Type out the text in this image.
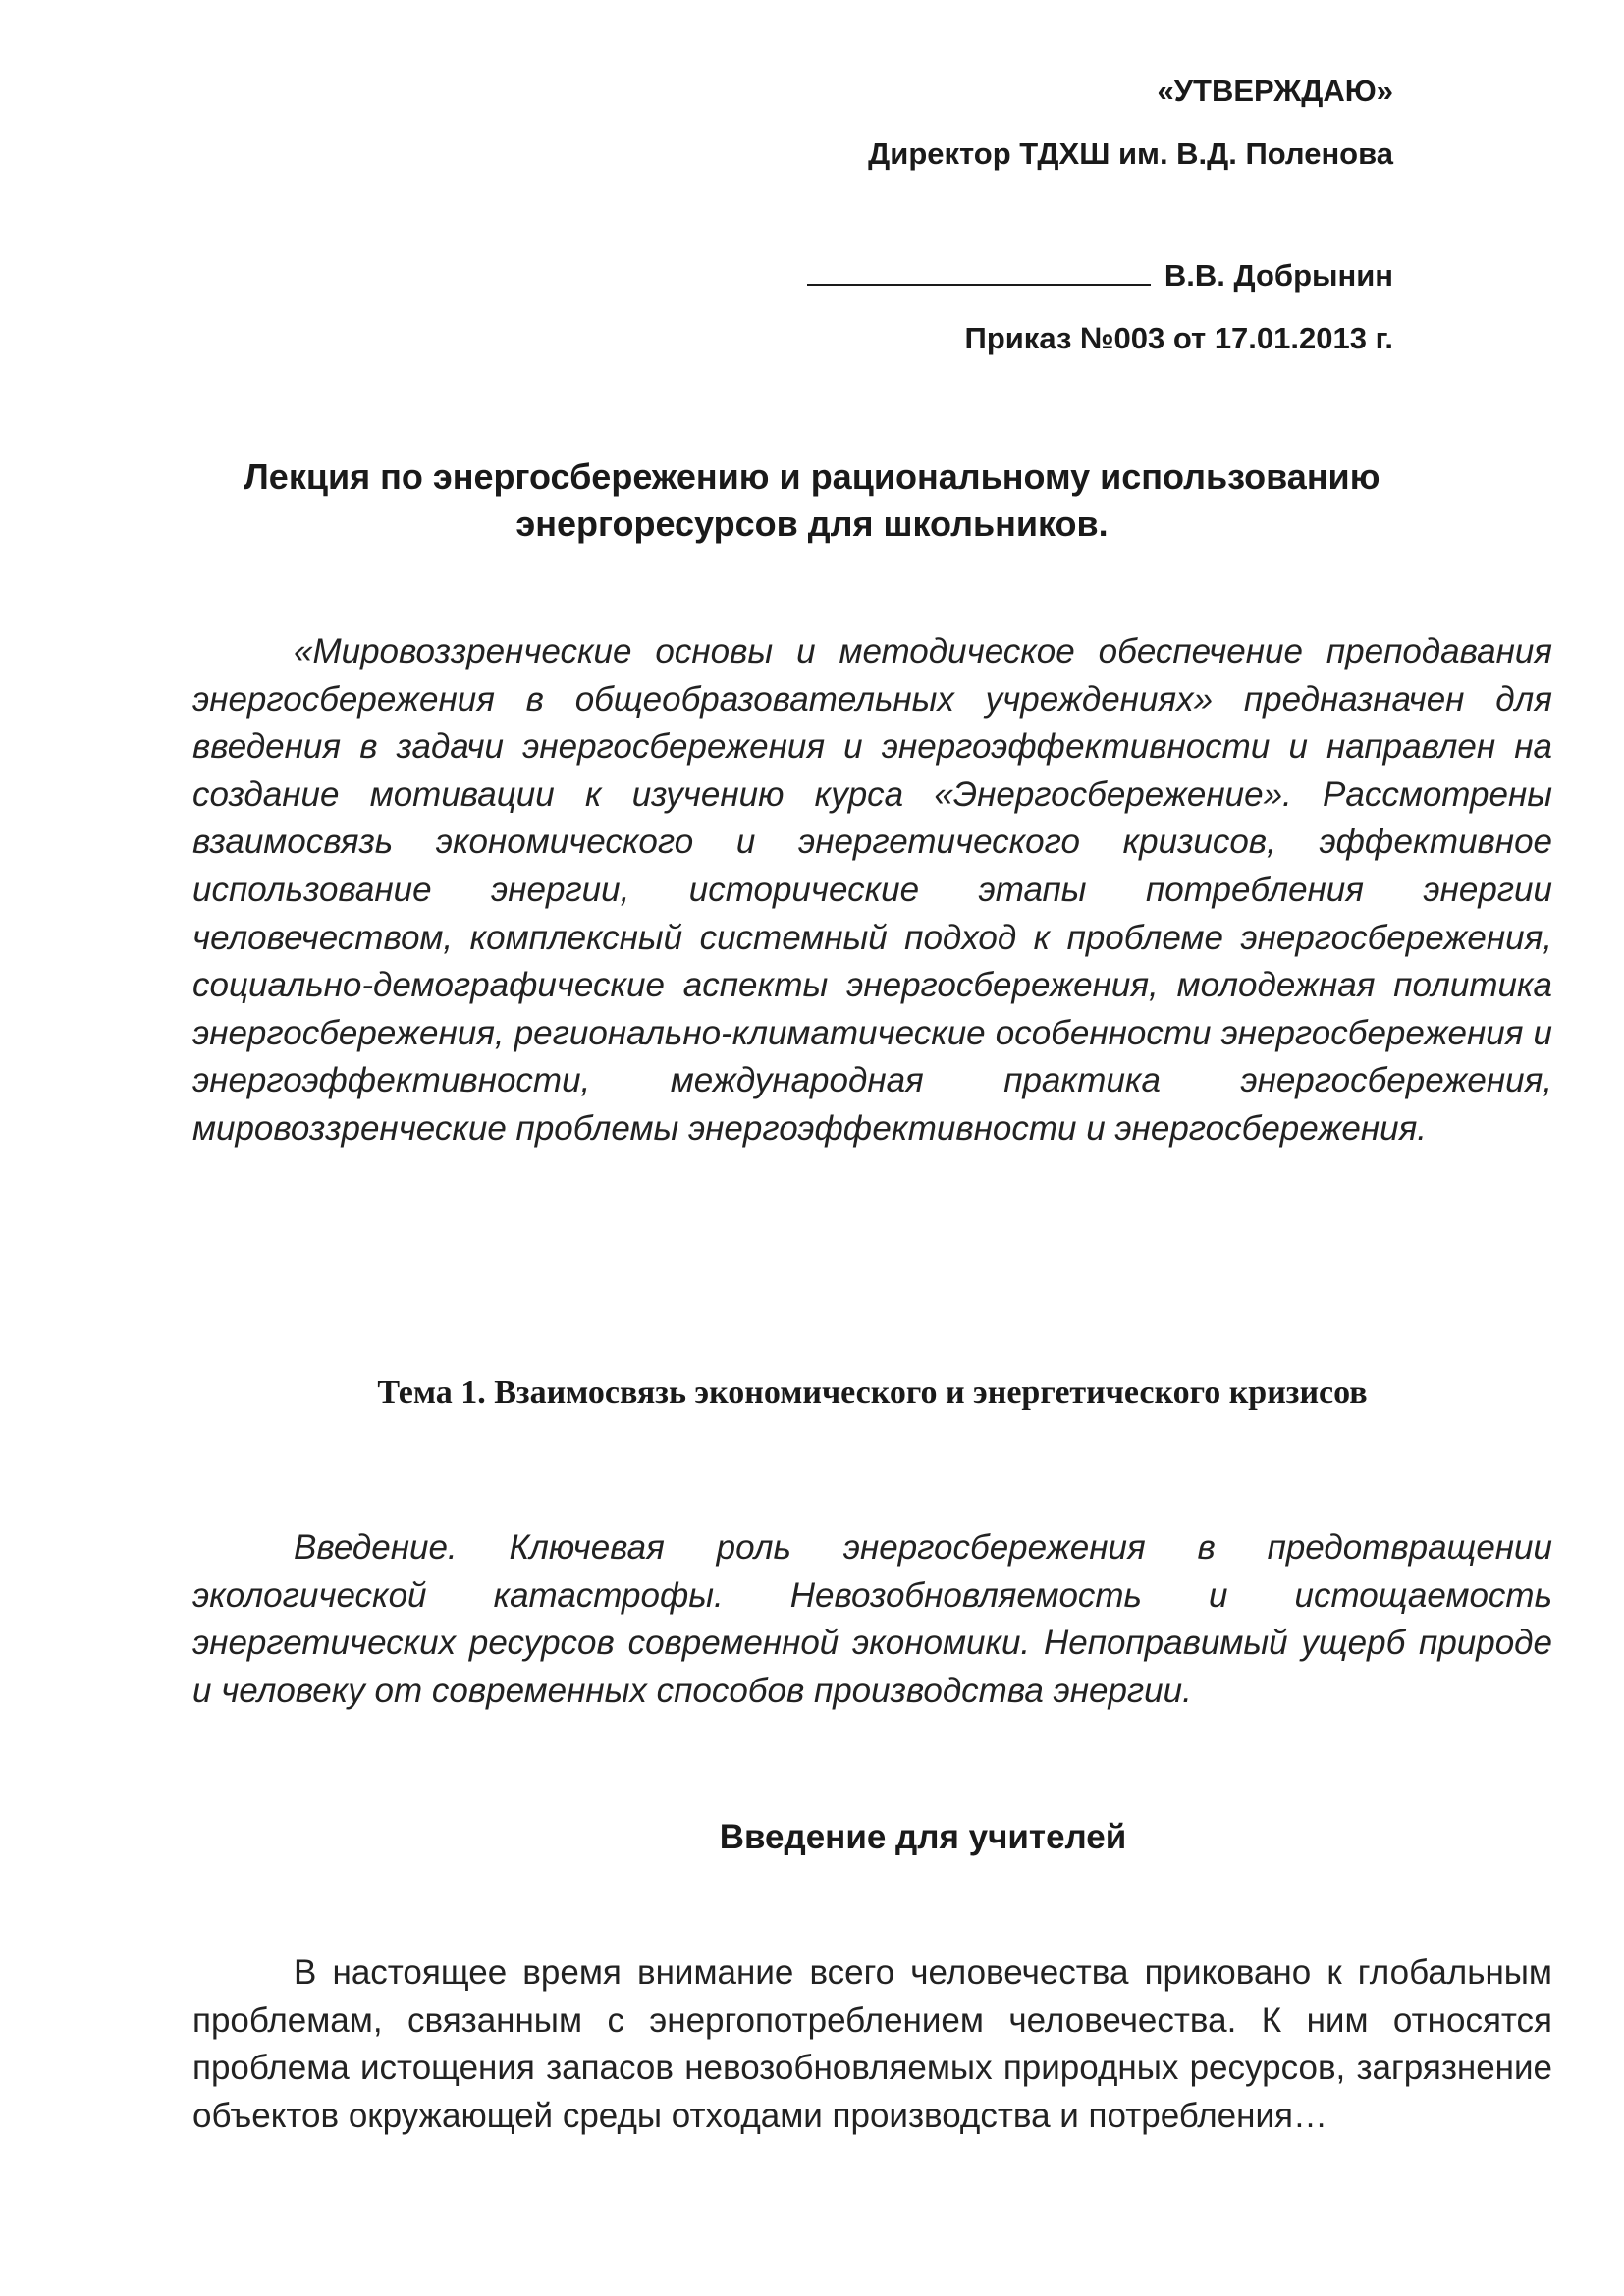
«УТВЕРЖДАЮ»
Директор ТДХШ им. В.Д. Поленова
В.В. Добрынин
Приказ №003 от 17.01.2013 г.
Лекция по энергосбережению и рациональному использованию
энергоресурсов для школьников.

«Мировоззренческие основы и методическое обеспечение преподавания энергосбережения в общеобразовательных учреждениях» предназначен для введения в задачи энергосбережения и энергоэффективности и направлен на создание мотивации к изучению курса «Энергосбережение». Рассмотрены взаимосвязь экономического и энергетического кризисов, эффективное использование энергии, исторические этапы потребления энергии человечеством, комплексный системный подход к проблеме энергосбережения, социально-демографические аспекты энергосбережения, молодежная политика энергосбережения, регионально-климатические особенности энергосбережения и энергоэффективности, международная практика энергосбережения, мировоззренческие проблемы энергоэффективности и энергосбережения.

Тема 1. Взаимосвязь экономического и энергетического кризисов

Введение. Ключевая роль энергосбережения в предотвращении экологической катастрофы. Невозобновляемость и истощаемость энергетических ресурсов современной экономики. Непоправимый ущерб природе и человеку от современных способов производства энергии.

Введение для учителей

В настоящее время внимание всего человечества приковано к глобальным проблемам, связанным с энергопотреблением человечества. К ним относятся проблема истощения запасов невозобновляемых природных ресурсов, загрязнение объектов окружающей среды отходами производства и потребления…
